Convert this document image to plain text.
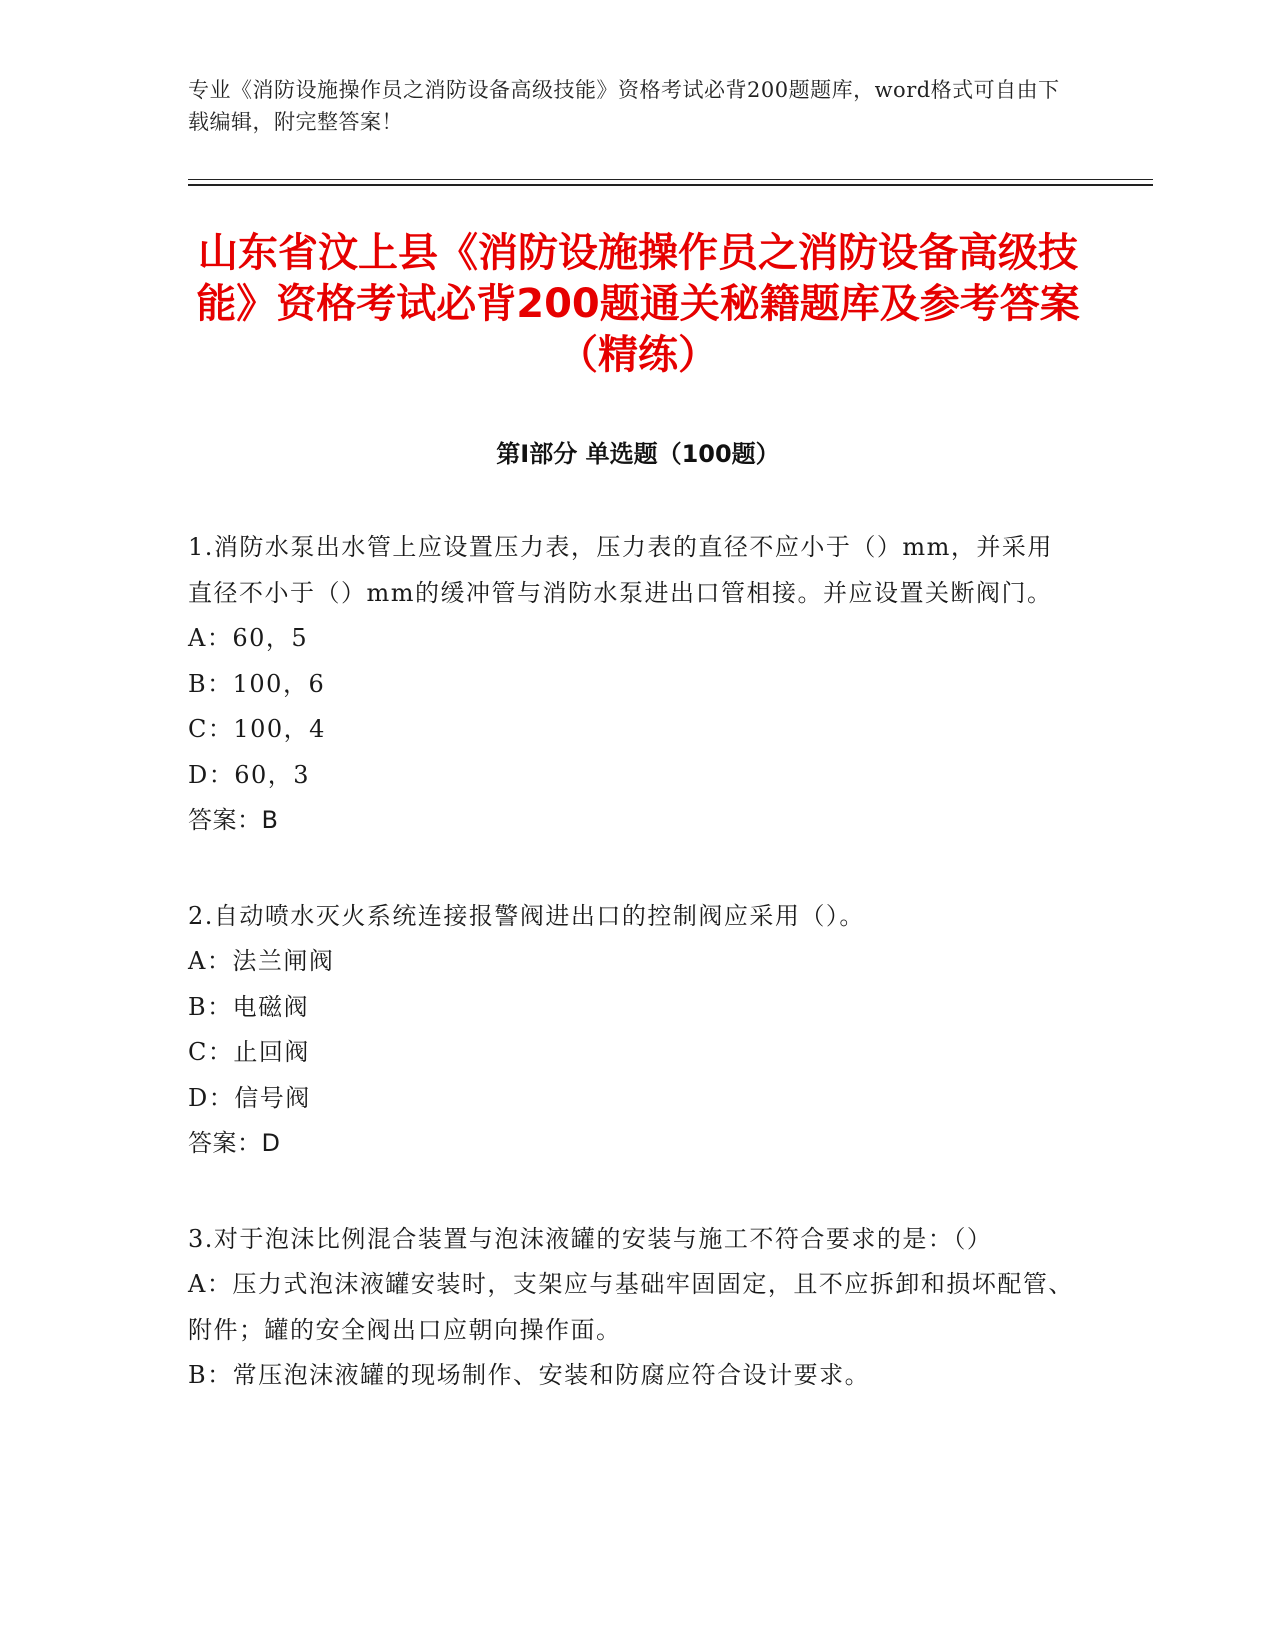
专业《消防设施操作员之消防设备高级技能》资格考试必背200题题库，word格式可自由下载编辑，附完整答案！
山东省汶上县《消防设施操作员之消防设备高级技能》资格考试必背200题通关秘籍题库及参考答案（精练）
第Ⅰ部分 单选题（100题）

1.消防水泵出水管上应设置压力表，压力表的直径不应小于（）mm，并采用直径不小于（）mm的缓冲管与消防水泵进出口管相接。并应设置关断阀门。

A：60，5

B：100，6

C：100，4

D：60，3

答案：B

2.自动喷水灭火系统连接报警阀进出口的控制阀应采用（）。

A：法兰闸阀

B：电磁阀

C：止回阀

D：信号阀

答案：D

3.对于泡沫比例混合装置与泡沫液罐的安装与施工不符合要求的是：（）

A：压力式泡沫液罐安装时，支架应与基础牢固固定，且不应拆卸和损坏配管、附件；罐的安全阀出口应朝向操作面。

B：常压泡沫液罐的现场制作、安装和防腐应符合设计要求。
